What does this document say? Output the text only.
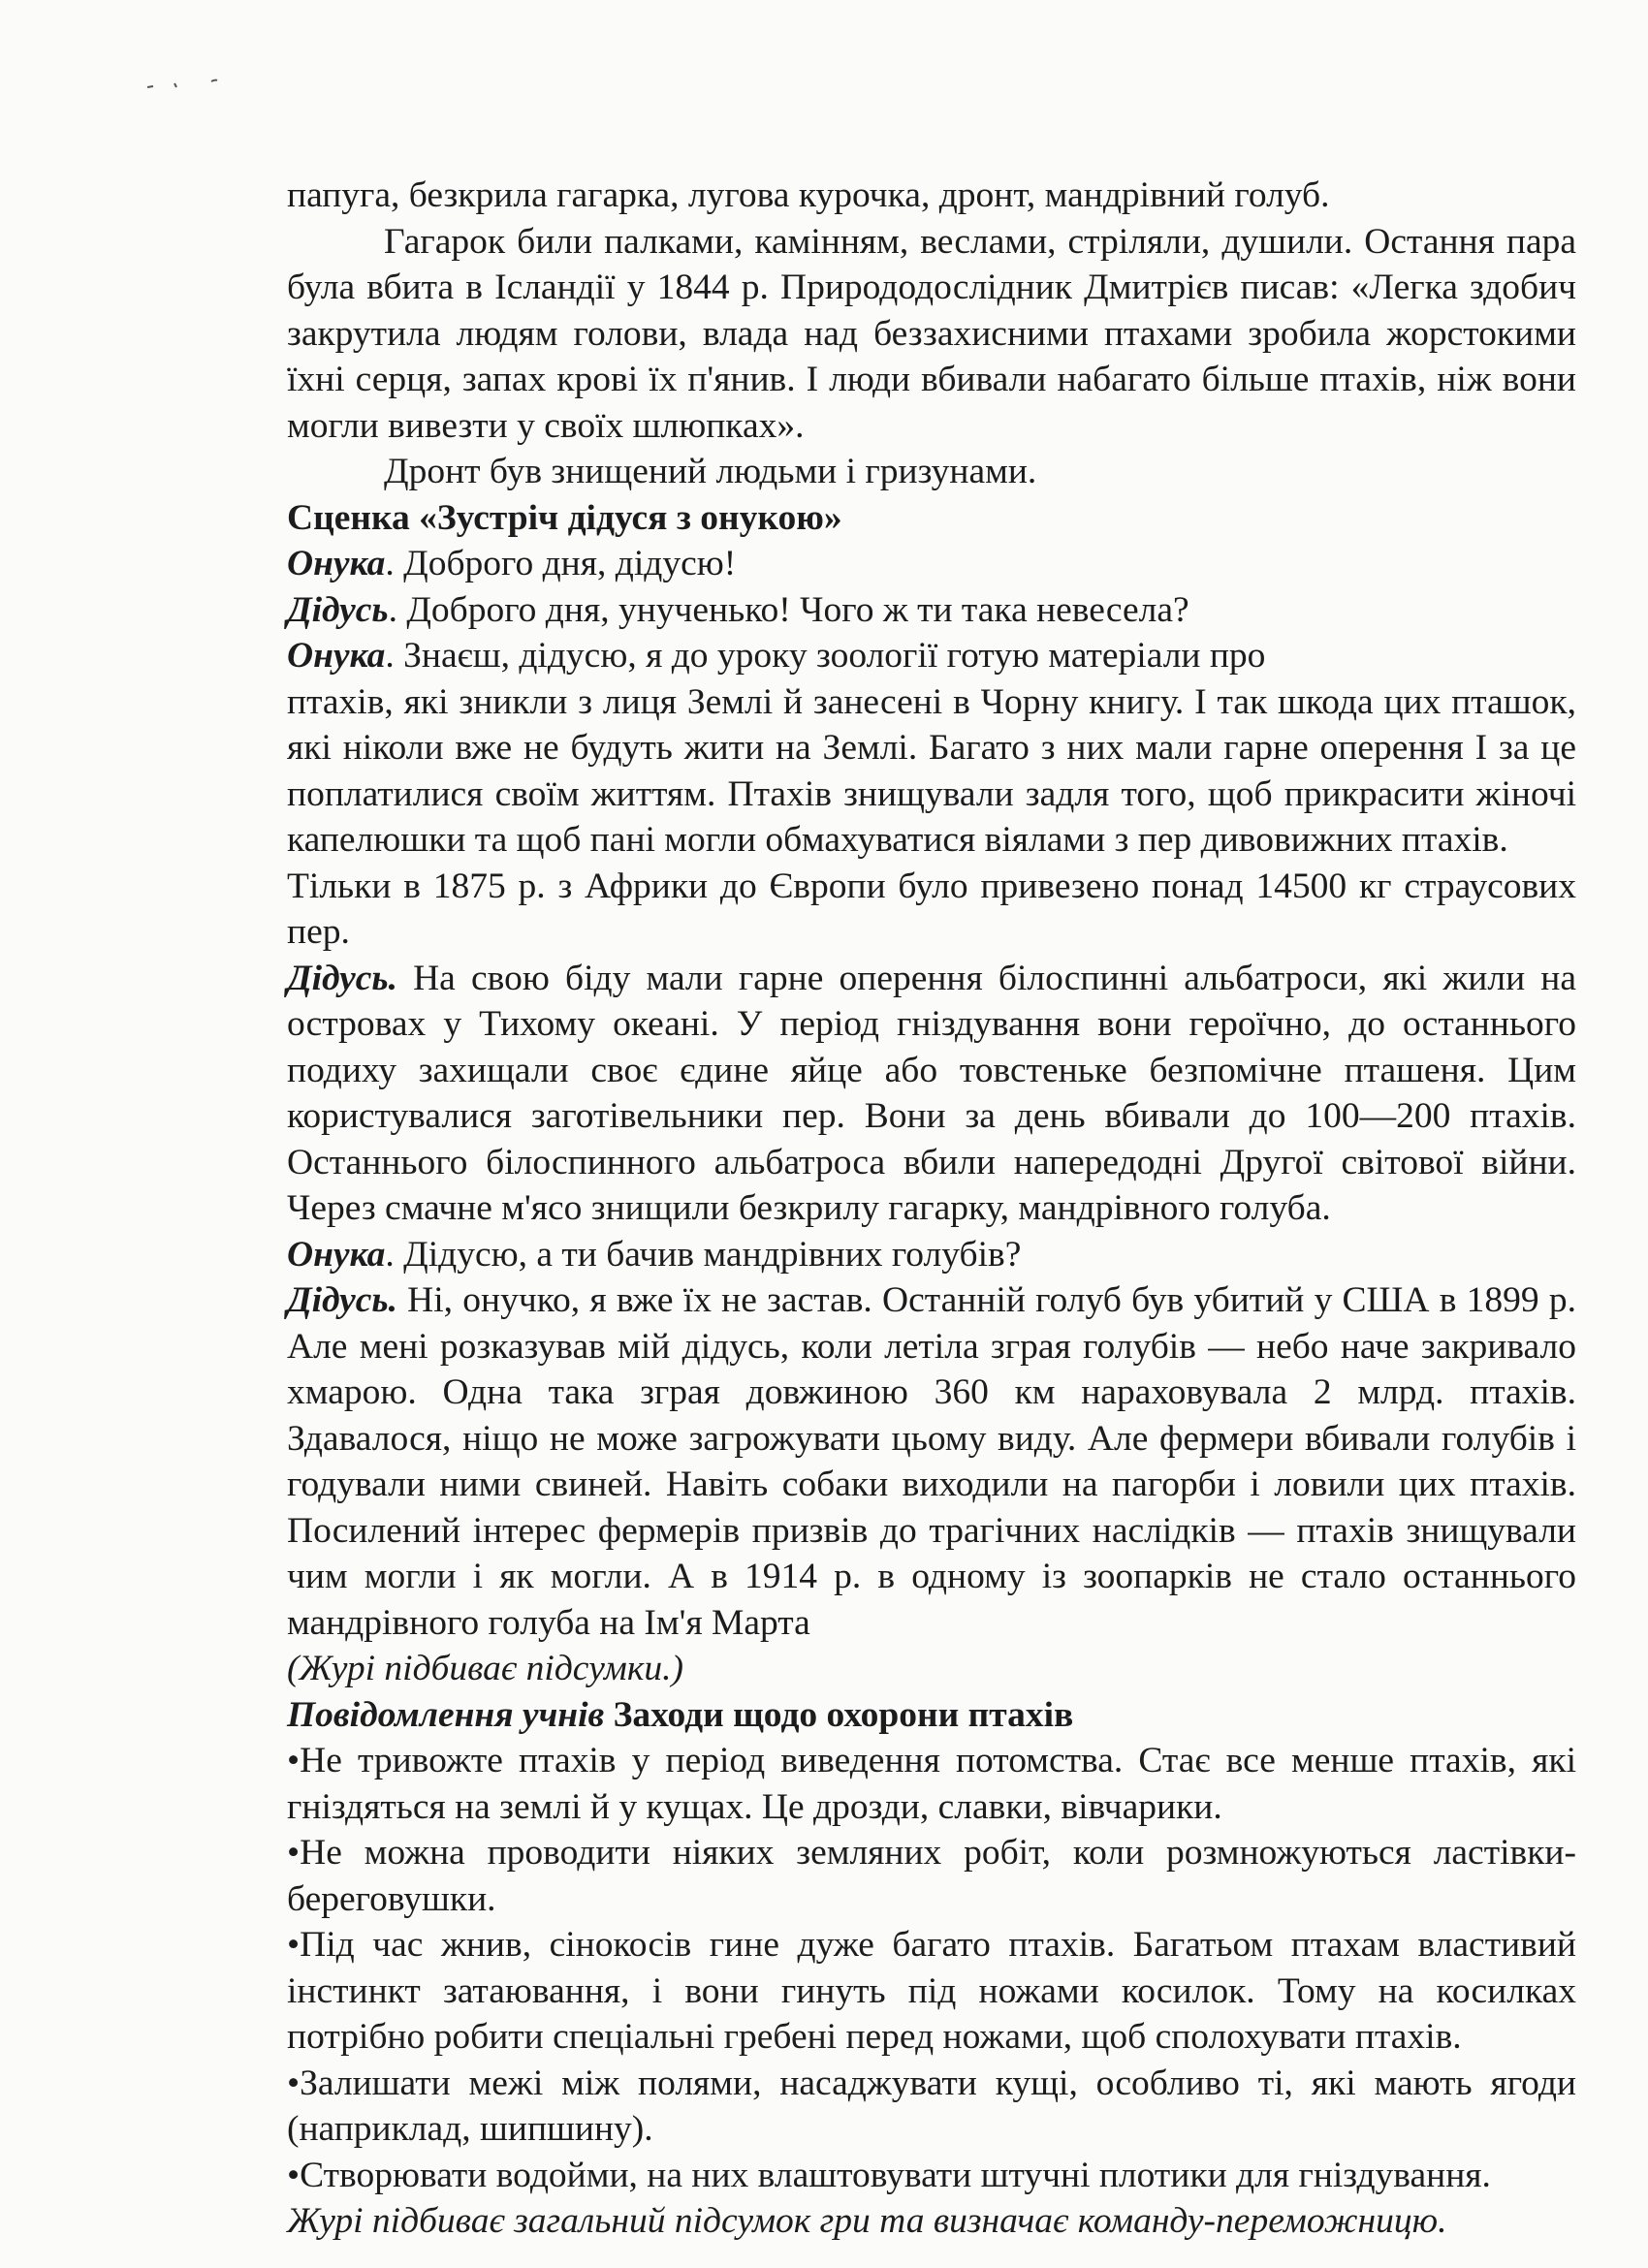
папуга, безкрила гагарка, лугова курочка, дронт, мандрівний голуб.

Гагарок били палками, камінням, веслами, стріляли, душили. Остання пара була вбита в Ісландії у 1844 р. Природодослідник Дмитрієв писав: «Легка здобич закрутила людям голови, влада над беззахисними птахами зробила жорстокими їхні серця, запах крові їх п'янив. І люди вбивали набагато більше птахів, ніж вони могли вивезти у своїх шлюпках».

Дронт був знищений людьми і гризунами.

Сценка «Зустріч дідуся з онукою»

Онука. Доброго дня, дідусю!

Дідусь. Доброго дня, унученько! Чого ж ти така невесела?

Онука. Знаєш, дідусю, я до уроку зоології готую матеріали про

птахів, які зникли з лиця Землі й занесені в Чорну книгу. І так шкода цих пташок, які ніколи вже не будуть жити на Землі. Багато з них мали гарне оперення І за це поплатилися своїм життям. Птахів знищували задля того, щоб прикрасити жіночі капелюшки та щоб пані могли обмахуватися віялами з пер дивовижних птахів.

Тільки в 1875 р. з Африки до Європи було привезено понад 14500 кг страусових пер.

Дідусь. На свою біду мали гарне оперення білоспинні альбатроси, які жили на островах у Тихому океані. У період гніздування вони героїчно, до останнього подиху захищали своє єдине яйце або товстеньке безпомічне пташеня. Цим користувалися заготівельники пер. Вони за день вбивали до 100—200 птахів. Останнього білоспинного альбатроса вбили напередодні Другої світової війни. Через смачне м'ясо знищили безкрилу гагарку, мандрівного голуба.

Онука. Дідусю, а ти бачив мандрівних голубів?

Дідусь. Ні, онучко, я вже їх не застав. Останній голуб був убитий у США в 1899 р. Але мені розказував мій дідусь, коли летіла зграя голубів — небо наче закривало хмарою. Одна така зграя довжиною 360 км нараховувала 2 млрд. птахів. Здавалося, ніщо не може загрожувати цьому виду. Але фермери вбивали голубів і годували ними свиней. Навіть собаки виходили на пагорби і ловили цих птахів. Посилений інтерес фермерів призвів до трагічних наслідків — птахів знищували чим могли і як могли. А в 1914 р. в одному із зоопарків не стало останнього мандрівного голуба на Ім'я Марта

(Журі підбиває підсумки.)

Повідомлення учнів Заходи щодо охорони птахів

•Не тривожте птахів у період виведення потомства. Стає все менше птахів, які гніздяться на землі й у кущах. Це дрозди, славки, вівчарики.

•Не можна проводити ніяких земляних робіт, коли розмножуються ластівки-береговушки.

•Під час жнив, сінокосів гине дуже багато птахів. Багатьом птахам властивий інстинкт затаювання, і вони гинуть під ножами косилок. Тому на косилках потрібно робити спеціальні гребені перед ножами, щоб сполохувати птахів.

•Залишати межі між полями, насаджувати кущі, особливо ті, які мають ягоди (наприклад, шипшину).

•Створювати водойми, на них влаштовувати штучні плотики для гніздування.

Журі підбиває загальний підсумок гри та визначає команду-переможницю.
